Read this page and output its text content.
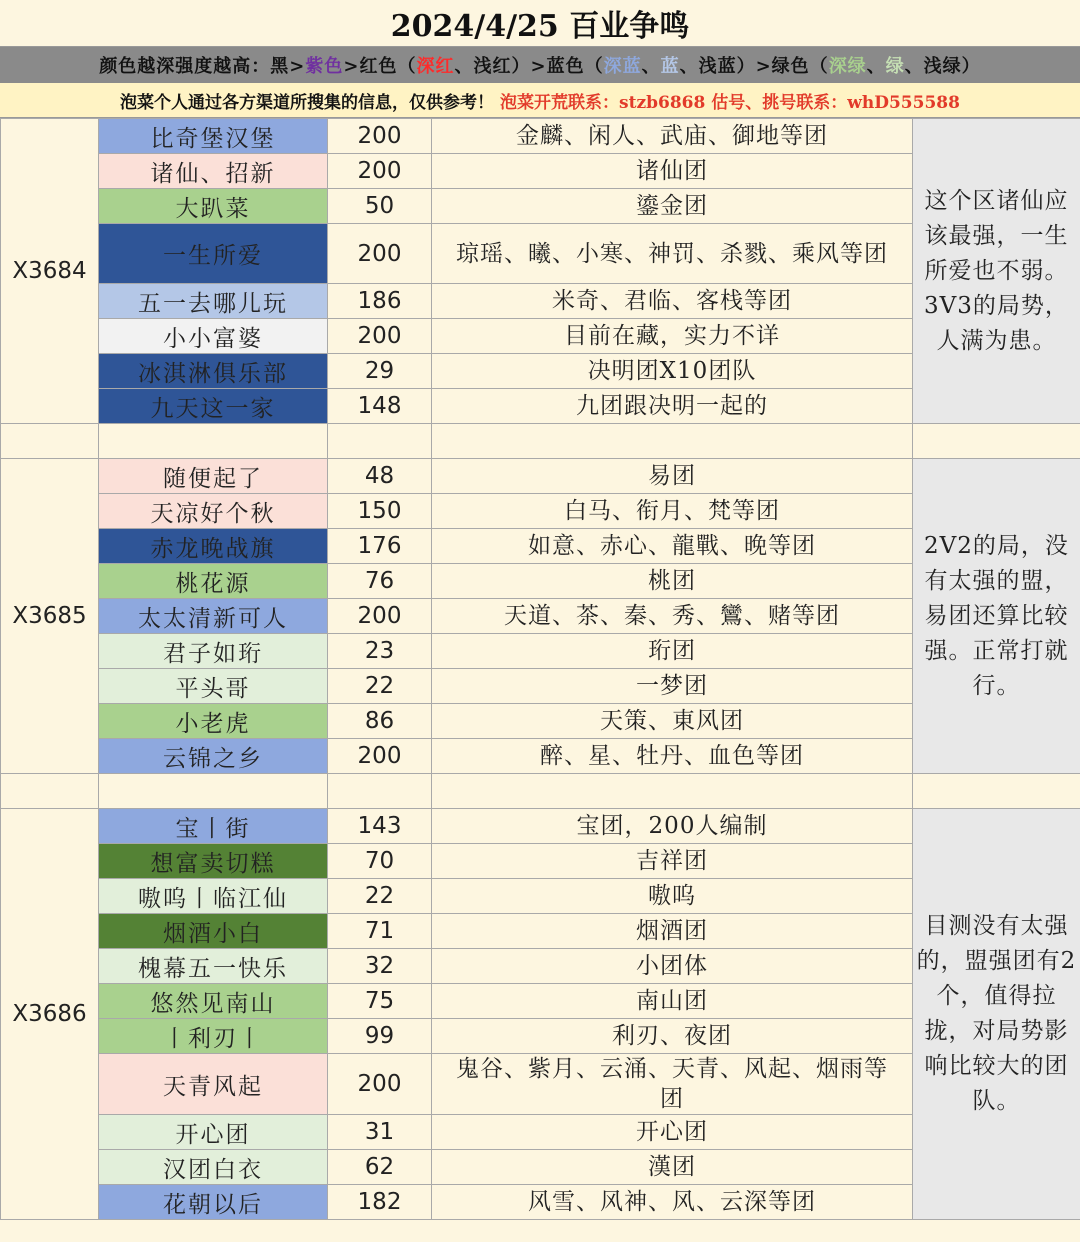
2024/4/25 百业争鸣
颜色越深强度越高：黑> 紫色 >红色（ 深红 、浅红）>蓝色（ 深蓝 、 蓝 、浅蓝）>绿色（ 深绿 、 绿 、浅绿）
泡菜个人通过各方渠道所搜集的信息，仅供参考！ 泡菜开荒联系：stzb6868 估号、挑号联系：whD555588
X3684	比奇堡汉堡	200	金麟、闲人、武庙、御地等团	这个区诸仙应该最强，一生所爱也不弱。3V3的局势，人满为患。
	诸仙、招新	200	诸仙团	
	大趴菜	50	鎏金团	
	一生所爱	200	琼瑶、曦、小寒、神罚、杀戮、乘风等团	
	五一去哪儿玩	186	米奇、君临、客栈等团	
	小小富婆	200	目前在藏，实力不详	
	冰淇淋俱乐部	29	决明团X10团队	
	九天这一家	148	九团跟决明一起的	

X3685	随便起了	48	易团	2V2的局，没有太强的盟，易团还算比较强。正常打就行。
	天凉好个秋	150	白马、衔月、梵等团	
	赤龙晚战旗	176	如意、赤心、龍戰、晚等团	
	桃花源	76	桃团	
	太太清新可人	200	天道、茶、秦、秀、鸞、赌等团	
	君子如珩	23	珩团	
	平头哥	22	一梦团	
	小老虎	86	天策、東风团	
	云锦之乡	200	醉、星、牡丹、血色等团	

X3686	宝丨街	143	宝团，200人编制	目测没有太强的，盟强团有2个，值得拉拢，对局势影响比较大的团队。
	想富卖切糕	70	吉祥团	
	嗷呜丨临江仙	22	嗷呜	
	烟酒小白	71	烟酒团	
	槐幕五一快乐	32	小团体	
	悠然见南山	75	南山团	
	丨利刃丨	99	利刃、夜团	
	天青风起	200	鬼谷、紫月、云涌、天青、风起、烟雨等团	
	开心团	31	开心团	
	汉团白衣	62	漢团	
	花朝以后	182	风雪、风神、风、云深等团	
